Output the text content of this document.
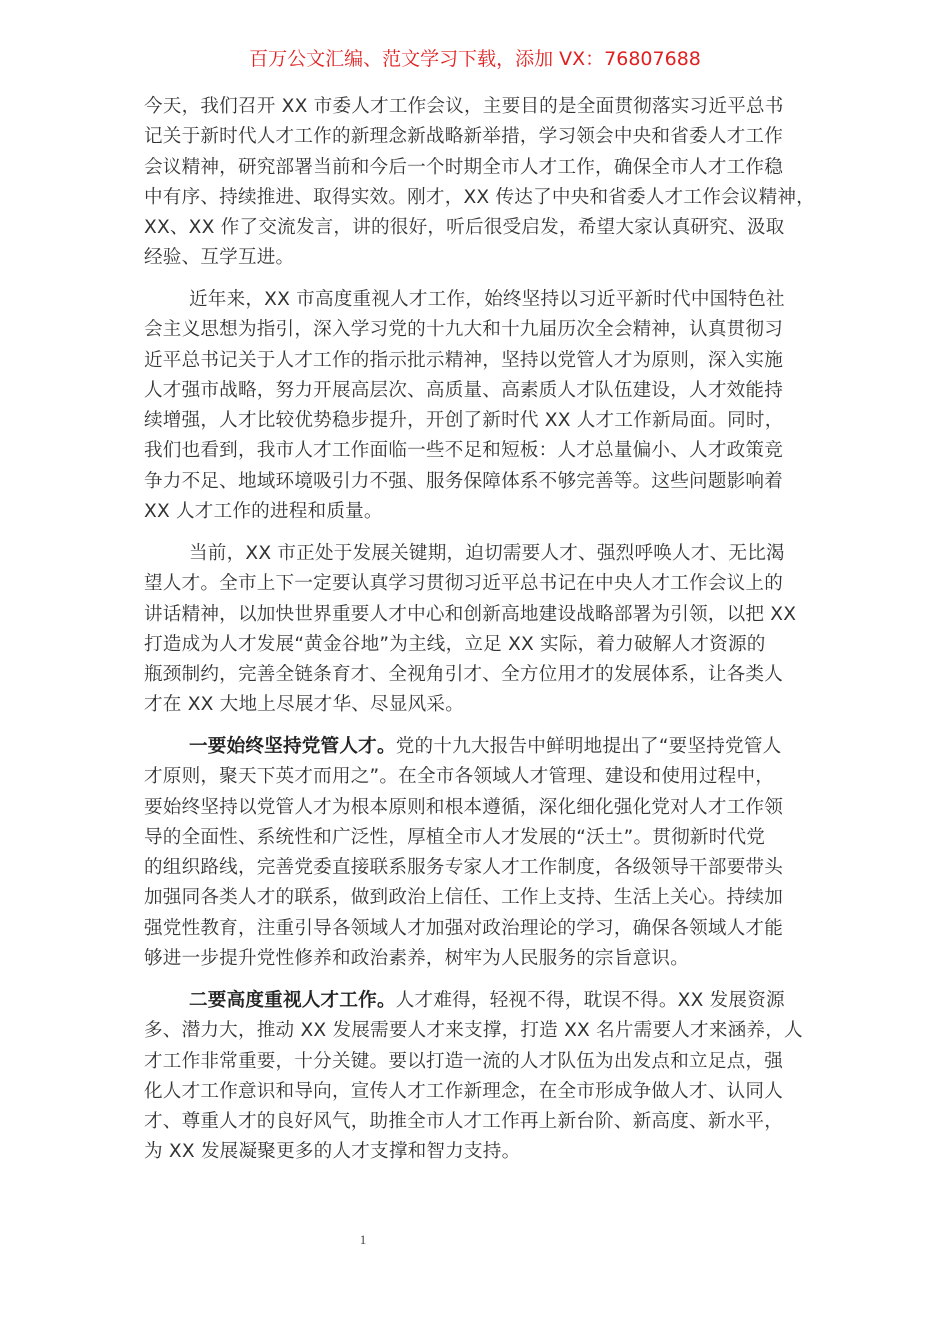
百万公文汇编、范文学习下载，添加 VX：76807688
今天，我们召开 XX 市委人才工作会议，主要目的是全面贯彻落实习近平总书
记关于新时代人才工作的新理念新战略新举措，学习领会中央和省委人才工作
会议精神，研究部署当前和今后一个时期全市人才工作，确保全市人才工作稳
中有序、持续推进、取得实效。刚才，XX 传达了中央和省委人才工作会议精神，
XX、XX 作了交流发言，讲的很好，听后很受启发，希望大家认真研究、汲取
经验、互学互进。
近年来，XX 市高度重视人才工作，始终坚持以习近平新时代中国特色社
会主义思想为指引，深入学习党的十九大和十九届历次全会精神，认真贯彻习
近平总书记关于人才工作的指示批示精神，坚持以党管人才为原则，深入实施
人才强市战略，努力开展高层次、高质量、高素质人才队伍建设，人才效能持
续增强，人才比较优势稳步提升，开创了新时代 XX 人才工作新局面。同时，
我们也看到，我市人才工作面临一些不足和短板：人才总量偏小、人才政策竞
争力不足、地域环境吸引力不强、服务保障体系不够完善等。这些问题影响着
XX 人才工作的进程和质量。
当前，XX 市正处于发展关键期，迫切需要人才、强烈呼唤人才、无比渴
望人才。全市上下一定要认真学习贯彻习近平总书记在中央人才工作会议上的
讲话精神，以加快世界重要人才中心和创新高地建设战略部署为引领，以把 XX
打造成为人才发展“黄金谷地”为主线，立足 XX 实际，着力破解人才资源的
瓶颈制约，完善全链条育才、全视角引才、全方位用才的发展体系，让各类人
才在 XX 大地上尽展才华、尽显风采。
一要始终坚持党管人才。党的十九大报告中鲜明地提出了“要坚持党管人
才原则，聚天下英才而用之”。在全市各领域人才管理、建设和使用过程中，
要始终坚持以党管人才为根本原则和根本遵循，深化细化强化党对人才工作领
导的全面性、系统性和广泛性，厚植全市人才发展的“沃土”。贯彻新时代党
的组织路线，完善党委直接联系服务专家人才工作制度，各级领导干部要带头
加强同各类人才的联系，做到政治上信任、工作上支持、生活上关心。持续加
强党性教育，注重引导各领域人才加强对政治理论的学习，确保各领域人才能
够进一步提升党性修养和政治素养，树牢为人民服务的宗旨意识。
二要高度重视人才工作。人才难得，轻视不得，耽误不得。XX 发展资源
多、潜力大，推动 XX 发展需要人才来支撑，打造 XX 名片需要人才来涵养，人
才工作非常重要，十分关键。要以打造一流的人才队伍为出发点和立足点，强
化人才工作意识和导向，宣传人才工作新理念，在全市形成争做人才、认同人
才、尊重人才的良好风气，助推全市人才工作再上新台阶、新高度、新水平，
为 XX 发展凝聚更多的人才支撑和智力支持。
1
